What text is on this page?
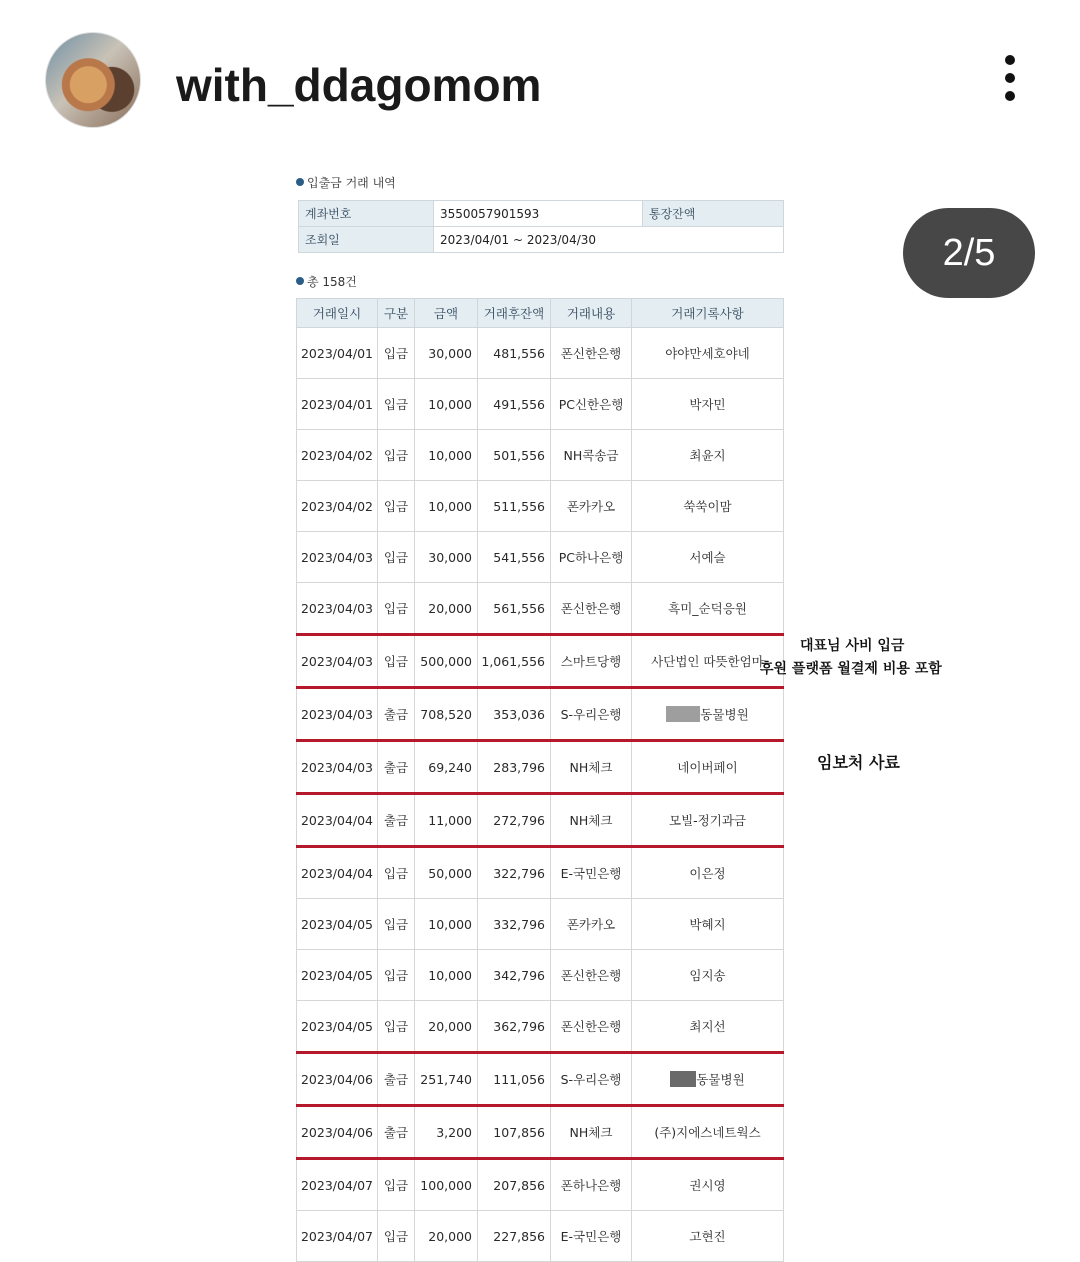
with_ddagomom
2/5
입출금 거래 내역
계좌번호	3550057901593	통장잔액
조회일	2023/04/01 ~ 2023/04/30	
총 158건
거래일시	구분	금액	거래후잔액	거래내용	거래기록사항
2023/04/01	입금	30,000	481,556	폰신한은행	야야만세호야네
2023/04/01	입금	10,000	491,556	PC신한은행	박자민
2023/04/02	입금	10,000	501,556	NH콕송금	최윤지
2023/04/02	입금	10,000	511,556	폰카카오	쑥쑥이맘
2023/04/03	입금	30,000	541,556	PC하나은행	서예슬
2023/04/03	입금	20,000	561,556	폰신한은행	흑미_순덕응원
2023/04/03	입금	500,000	1,061,556	스마트당행	사단법인 따뜻한엄마
2023/04/03	출금	708,520	353,036	S-우리은행	동물병원
2023/04/03	출금	69,240	283,796	NH체크	네이버페이
2023/04/04	출금	11,000	272,796	NH체크	모빌-정기과금
2023/04/04	입금	50,000	322,796	E-국민은행	이은정
2023/04/05	입금	10,000	332,796	폰카카오	박혜지
2023/04/05	입금	10,000	342,796	폰신한은행	임지송
2023/04/05	입금	20,000	362,796	폰신한은행	최지선
2023/04/06	출금	251,740	111,056	S-우리은행	동물병원
2023/04/06	출금	3,200	107,856	NH체크	(주)지에스네트웍스
2023/04/07	입금	100,000	207,856	폰하나은행	권시영
2023/04/07	입금	20,000	227,856	E-국민은행	고현진
대표님 사비 입금
후원 플랫폼 월결제 비용 포함
임보처 사료
